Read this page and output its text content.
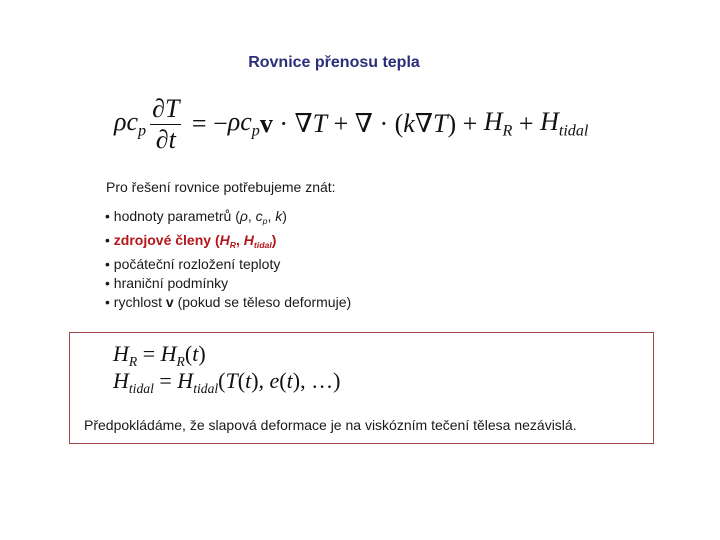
Rovnice přenosu tepla
$\rho c_p \frac{\partial T}{\partial t}$ = − $\rho c_p$ v · ∇ T + ∇ · ( k ∇ T ) + $H_R + H_{tidal}$
Pro řešení rovnice potřebujeme znát:
• hodnoty parametrů (ρ, $c_p$, k)
• zdrojové členy ($H_R$, $H_{tidal}$)
• počáteční rozložení teploty
• hraniční podmínky
• rychlost v (pokud se těleso deformuje)
$H_R = H_R(t)$
$H_{tidal} = H_{tidal}(T(t)$, e(t), …)
Předpokládáme, že slapová deformace je na viskózním tečení tělesa nezávislá.
